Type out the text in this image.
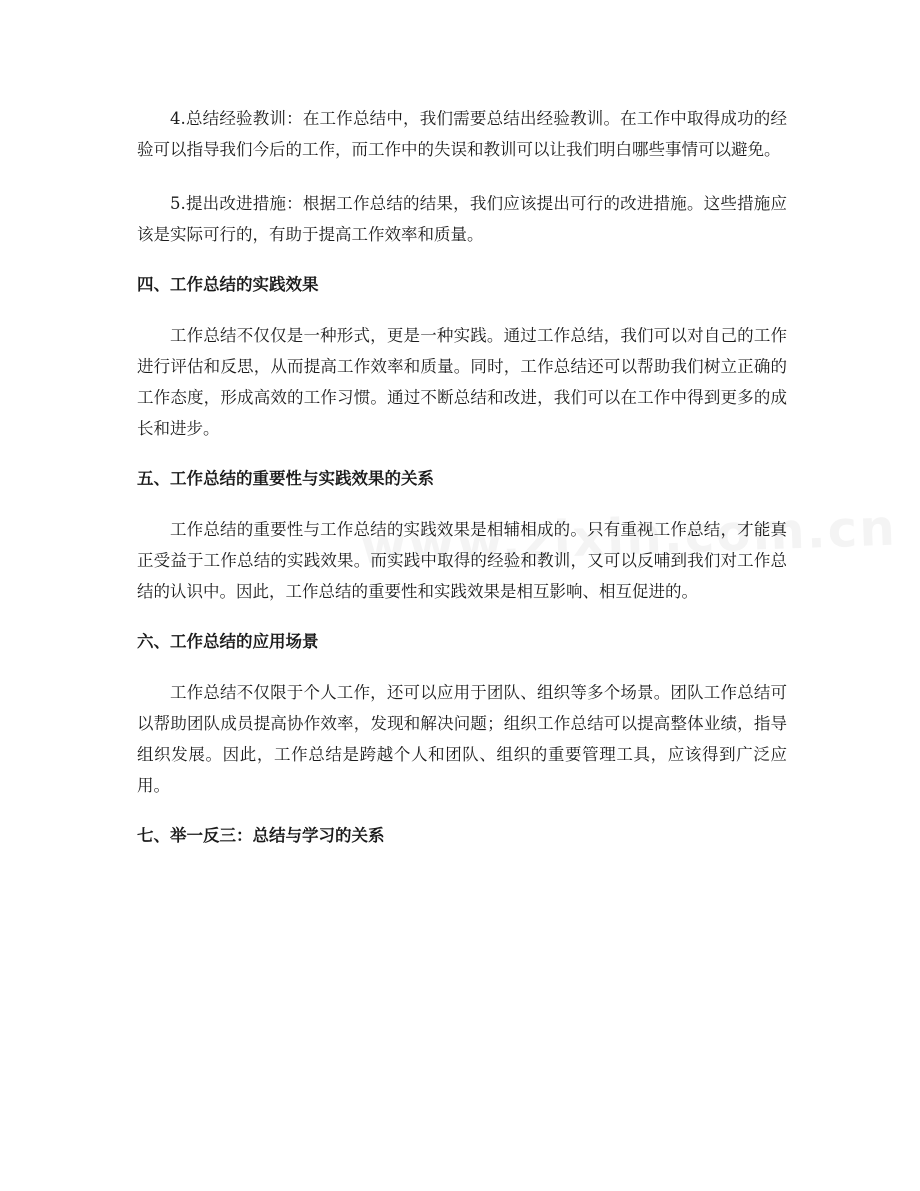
4.总结经验教训：在工作总结中，我们需要总结出经验教训。在工作中取得成功的经验可以指导我们今后的工作，而工作中的失误和教训可以让我们明白哪些事情可以避免。

5.提出改进措施：根据工作总结的结果，我们应该提出可行的改进措施。这些措施应该是实际可行的，有助于提高工作效率和质量。

四、工作总结的实践效果

工作总结不仅仅是一种形式，更是一种实践。通过工作总结，我们可以对自己的工作进行评估和反思，从而提高工作效率和质量。同时，工作总结还可以帮助我们树立正确的工作态度，形成高效的工作习惯。通过不断总结和改进，我们可以在工作中得到更多的成长和进步。

五、工作总结的重要性与实践效果的关系

工作总结的重要性与工作总结的实践效果是相辅相成的。只有重视工作总结，才能真正受益于工作总结的实践效果。而实践中取得的经验和教训，又可以反哺到我们对工作总结的认识中。因此，工作总结的重要性和实践效果是相互影响、相互促进的。

六、工作总结的应用场景

工作总结不仅限于个人工作，还可以应用于团队、组织等多个场景。团队工作总结可以帮助团队成员提高协作效率，发现和解决问题；组织工作总结可以提高整体业绩，指导组织发展。因此，工作总结是跨越个人和团队、组织的重要管理工具，应该得到广泛应用。

七、举一反三：总结与学习的关系
